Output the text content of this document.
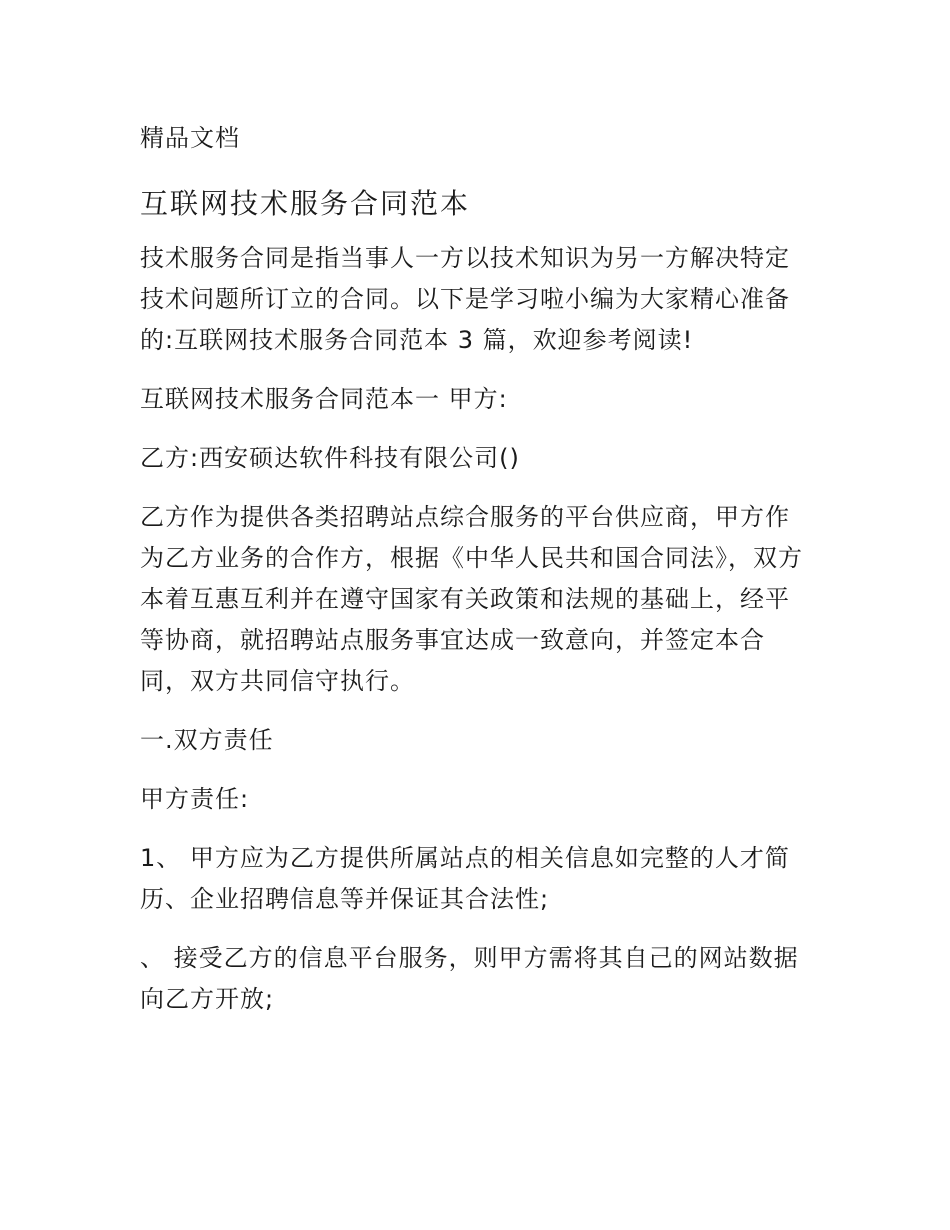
精品文档
互联网技术服务合同范本

技术服务合同是指当事人一方以技术知识为另一方解决特定技术问题所订立的合同。以下是学习啦小编为大家精心准备的:互联网技术服务合同范本 3 篇，欢迎参考阅读!

互联网技术服务合同范本一 甲方:

乙方:西安硕达软件科技有限公司()

乙方作为提供各类招聘站点综合服务的平台供应商，甲方作为乙方业务的合作方，根据《中华人民共和国合同法》，双方本着互惠互利并在遵守国家有关政策和法规的基础上，经平等协商，就招聘站点服务事宜达成一致意向，并签定本合同，双方共同信守执行。

一.双方责任

甲方责任:

1、 甲方应为乙方提供所属站点的相关信息如完整的人才简历、企业招聘信息等并保证其合法性;

、 接受乙方的信息平台服务，则甲方需将其自己的网站数据向乙方开放;
